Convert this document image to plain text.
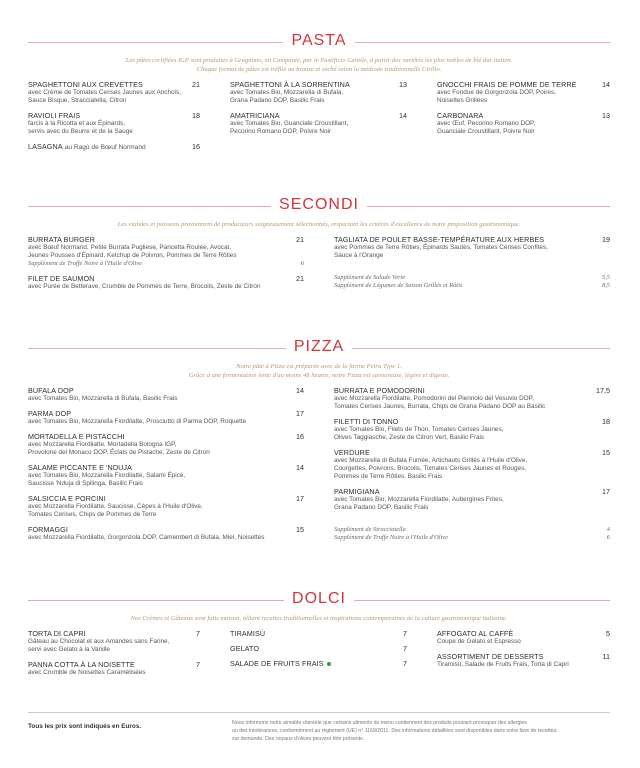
PASTA
Les pâtes certifiées IGP sont produites à Gragnano, en Campanie, par le Pastificio Gentile, à partir des variétés les plus nobles de blé dur italien.
Chaque format de pâtes est tréfilé au bronze et séché selon la méthode traditionnelle Cirillo.
SPAGHETTONI AUX CREVETTES	21
avec Crème de Tomates Cerises Jaunes aux Anchois,
Sauce Bisque, Stracciatella, Citron
RAVIOLI FRAIS	18
farcis à la Ricotta et aux Épinards,
servis avec du Beurre et de la Sauge
LASAGNA au Ragù de Bœuf Normand	16
SPAGHETTONI À LA SORRENTINA	13
avec Tomates Bio, Mozzarella di Bufala,
Grana Padano DOP, Basilic Frais
AMATRICIANA	14
avec Tomates Bio, Guanciale Croustillant,
Pecorino Romano DOP, Poivre Noir
GNOCCHI FRAIS DE POMME DE TERRE	14
avec Fondue de Gorgonzola DOP, Poires,
Noisettes Grillées
CARBONARA	13
avec Œuf, Pecorino Romano DOP,
Guanciale Croustillant, Poivre Noir
SECONDI
Les viandes et poissons proviennent de producteurs soigneusement sélectionnés, respectant les critères d'excellence de notre proposition gastronomique.
BURRATA BURGER	21
avec Bœuf Normand, Petite Burrata Pugliese, Pancetta Roulée, Avocat,
Jeunes Pousses d'Épinard, Ketchup de Poivron, Pommes de Terre Rôties
Supplément de Truffe Noire à l'Huile d'Olive	6
FILET DE SAUMON	21
avec Purée de Betterave, Crumble de Pommes de Terre, Brocolis, Zeste de Citron
TAGLIATA DE POULET BASSE-TEMPÉRATURE AUX HERBES	19
avec Pommes de Terre Rôties, Épinards Sautés, Tomates Cerises Confites,
Sauce à l'Orange
Supplément de Salade Verte	5,5
Supplément de Légumes de Saison Grillés et Rôtis	8,5
PIZZA
Notre pâte à Pizza est préparée avec de la farine Petra Type 1.
Grâce à une fermentation lente d'au moins 48 heures, notre Pizza est savoureuse, légère et digeste.
BUFALA DOP	14
avec Tomates Bio, Mozzarella di Bufala, Basilic Frais
PARMA DOP	17
avec Tomates Bio, Mozzarella Fiordilatte, Prosciutto di Parma DOP, Roquette
MORTADELLA E PISTACCHI	16
avec Mozzarella Fiordilatte, Mortadella Bologna IGP,
Provolone del Monaco DOP, Éclats de Pistache, Zeste de Citron
SALAME PICCANTE E 'NDUJA	14
avec Tomates Bio, Mozzarella Fiordilatte, Salami Épicé,
Saucisse 'Nduja di Spilinga, Basilic Frais
SALSICCIA E PORCINI	17
avec Mozzarella Fiordilatte, Saucisse, Cèpes à l'Huile d'Olive,
Tomates Cerises, Chips de Pommes de Terre
FORMAGGI	15
avec Mozzarella Fiordilatte, Gorgonzola DOP, Camembert di Bufala, Miel, Noisettes
BURRATA E POMODORINI	17,5
avec Mozzarella Fiordilatte, Pomodorini del Piennolo del Vesuvio DOP,
Tomates Cerises Jaunes, Burrata, Chips de Grana Padano DOP au Basilic
FILETTI DI TONNO	18
avec Tomates Bio, Filets de Thon, Tomates Cerises Jaunes,
Olives Taggiasche, Zeste de Citron Vert, Basilic Frais
VERDURE	15
avec Mozzarella di Bufala Fumée, Artichauts Grillés à l'Huile d'Olive,
Courgettes, Poivrons, Brocolis, Tomates Cerises Jaunes et Rouges,
Pommes de Terre Rôties, Basilic Frais
PARMIGIANA	17
avec Tomates Bio, Mozzarella Fiordilatte, Aubergines Frites,
Grana Padano DOP, Basilic Frais
Supplément de Stracciatella	4
Supplément de Truffe Noire à l'Huile d'Olive	6
DOLCI
Nos Crèmes et Gâteaux sont faits maison, alliant recettes traditionnelles et inspirations contemporaines de la culture gastronomique italienne.
TORTA DI CAPRI	7
Gâteau au Chocolat et aux Amandes sans Farine,
servi avec Gelato à la Vanille
PANNA COTTA À LA NOISETTE	7
avec Crumble de Noisettes Caramélisées
TIRAMISÙ	7
GELATO	7
SALADE DE FRUITS FRAIS	7
AFFOGATO AL CAFFÈ	5
Coupe de Gelato et Espresso
ASSORTIMENT DE DESSERTS	11
Tiramisù, Salade de Fruits Frais, Torta di Capri
Tous les prix sont indiqués en Euros.	Nous informons notre aimable clientèle que certains aliments du menu contiennent des produits pouvant provoquer des allergies
ou des intolérances, conformément au règlement (UE) n° 1169/2011. Des informations détaillées sont disponibles dans notre livre de recettes,
sur demande. Des noyaux d'olives peuvent être présents.
